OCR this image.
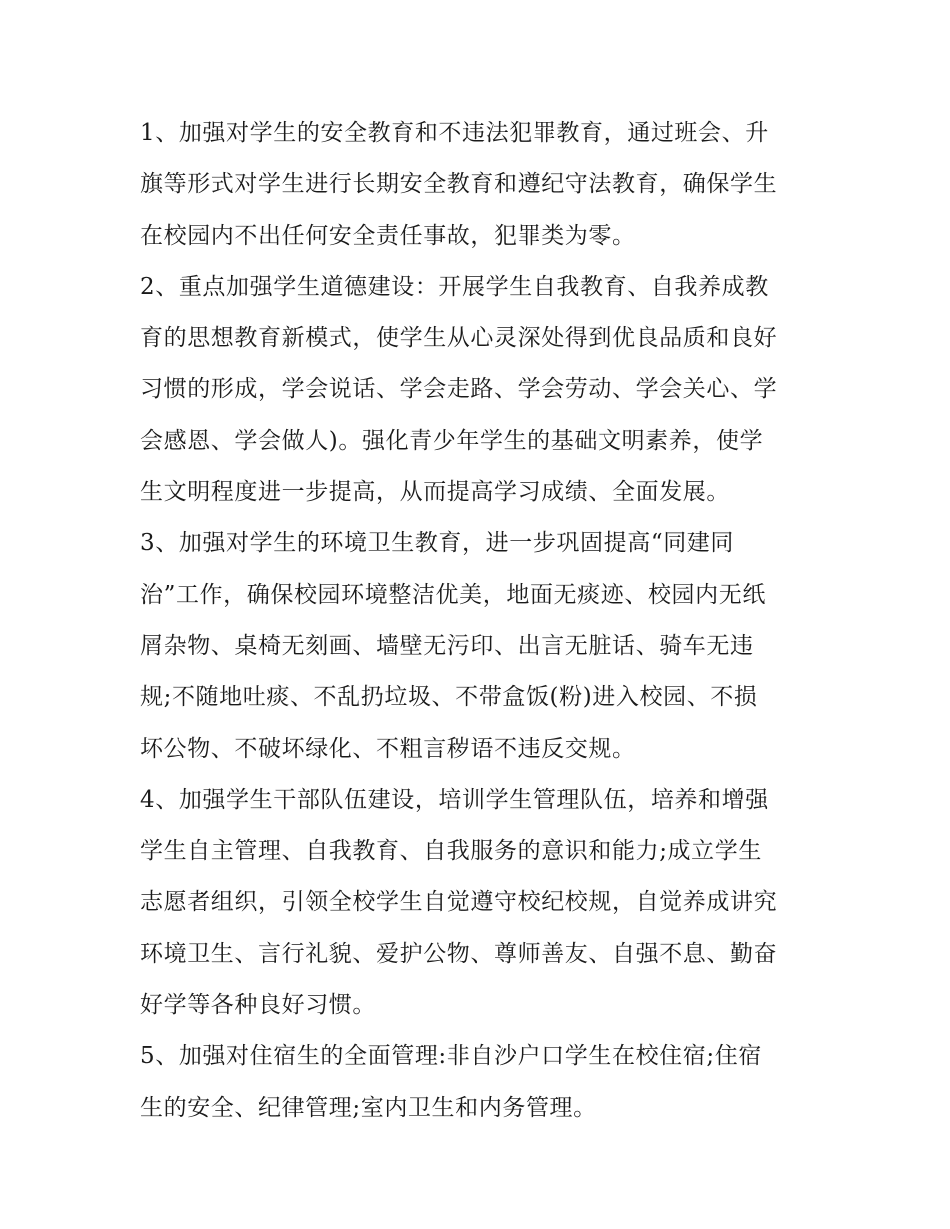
1、加强对学生的安全教育和不违法犯罪教育，通过班会、升
旗等形式对学生进行长期安全教育和遵纪守法教育，确保学生
在校园内不出任何安全责任事故，犯罪类为零。
2、重点加强学生道德建设：开展学生自我教育、自我养成教
育的思想教育新模式，使学生从心灵深处得到优良品质和良好
习惯的形成，学会说话、学会走路、学会劳动、学会关心、学
会感恩、学会做人)。强化青少年学生的基础文明素养，使学
生文明程度进一步提高，从而提高学习成绩、全面发展。
3、加强对学生的环境卫生教育，进一步巩固提高“同建同
治”工作，确保校园环境整洁优美，地面无痰迹、校园内无纸
屑杂物、桌椅无刻画、墙壁无污印、出言无脏话、骑车无违
规;不随地吐痰、不乱扔垃圾、不带盒饭(粉)进入校园、不损
坏公物、不破坏绿化、不粗言秽语不违反交规。
4、加强学生干部队伍建设，培训学生管理队伍，培养和增强
学生自主管理、自我教育、自我服务的意识和能力;成立学生
志愿者组织，引领全校学生自觉遵守校纪校规，自觉养成讲究
环境卫生、言行礼貌、爱护公物、尊师善友、自强不息、勤奋
好学等各种良好习惯。
5、加强对住宿生的全面管理:非自沙户口学生在校住宿;住宿
生的安全、纪律管理;室内卫生和内务管理。
